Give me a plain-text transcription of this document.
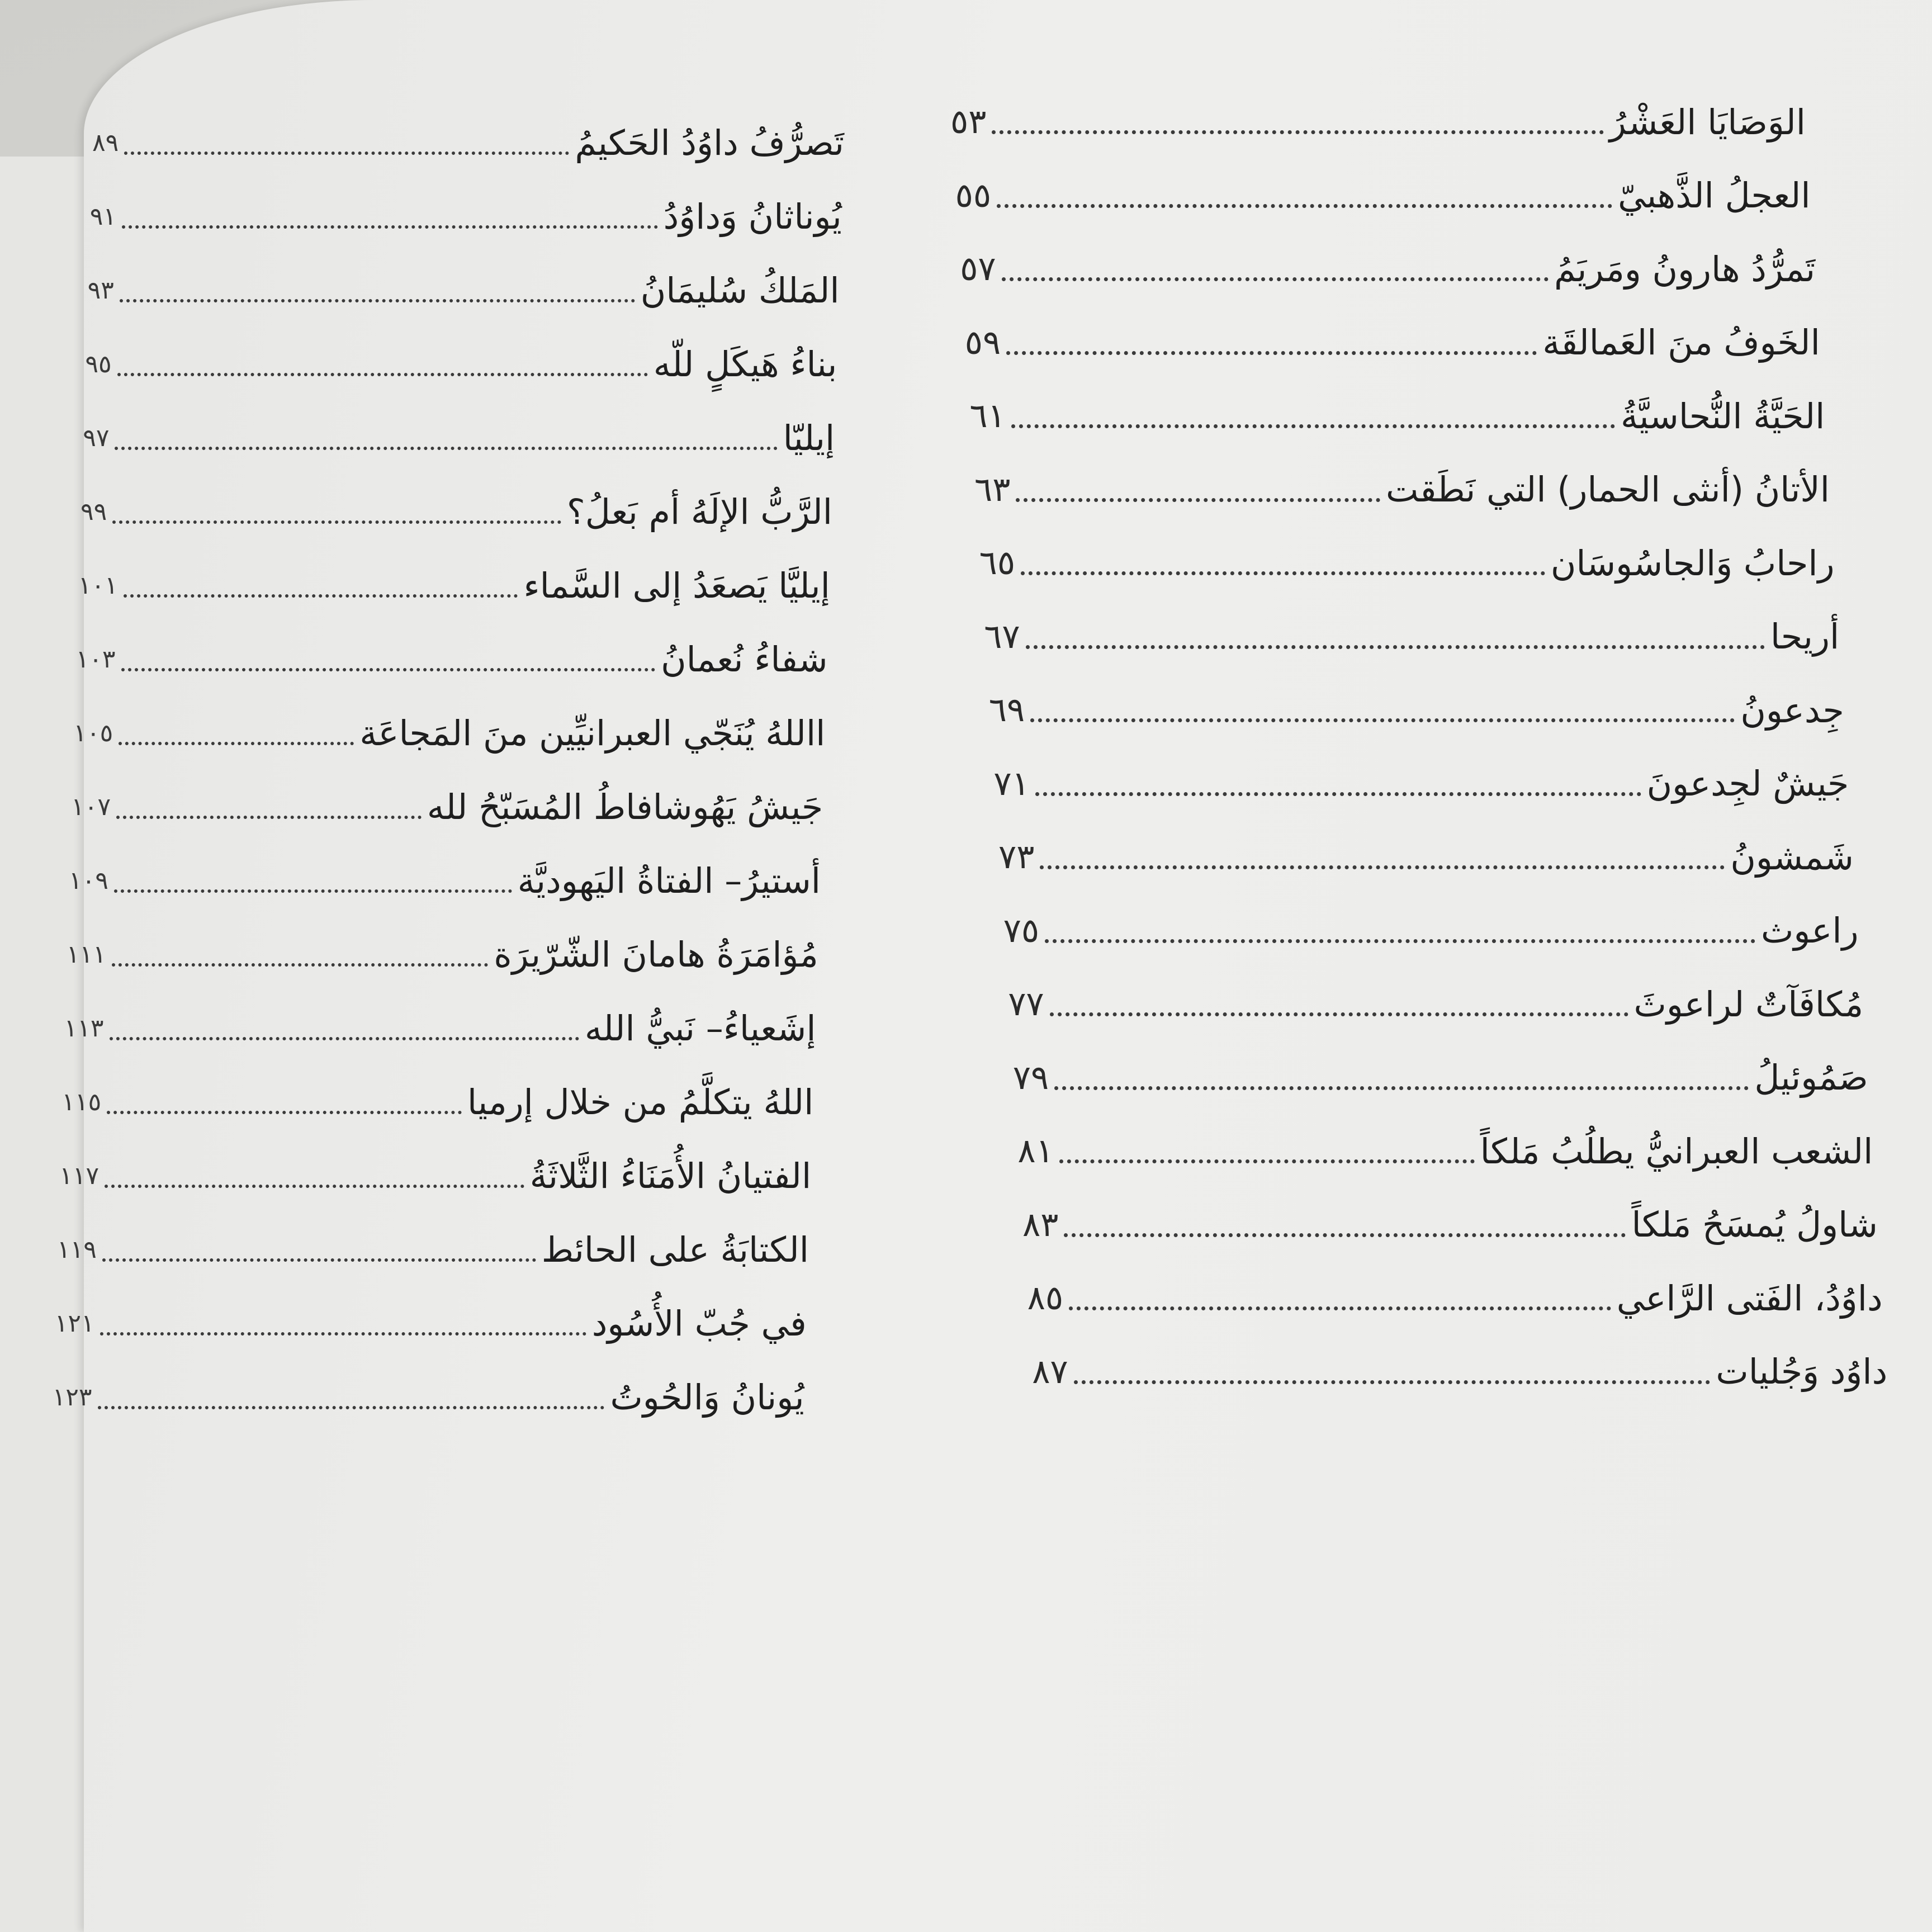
٥٣	الوَصَايَا العَشْرُ
٥٥	العجلُ الذَّهبيّ
٥٧	تَمرُّدُ هارونُ ومَريَمُ
٥٩	الخَوفُ منَ العَمالقَة
٦١	الحَيَّةُ النُّحاسيَّةُ
٦٣	الأتانُ (أنثى الحمار) التي نَطَقت
٦٥	راحابُ وَالجاسُوسَان
٦٧	أريحا
٦٩	جِدعونُ
٧١	جَيشٌ لجِدعونَ
٧٣	شَمشونُ
٧٥	راعوث
٧٧	مُكافَآتٌ لراعوثَ
٧٩	صَمُوئيلُ
٨١	الشعب العبرانيُّ يطلُبُ مَلكاً
٨٣	شاولُ يُمسَحُ مَلكاً
٨٥	داوُدُ، الفَتى الرَّاعي
٨٧	داوُد وَجُليات
٨٩	تَصرُّفُ داوُدُ الحَكيمُ
٩١	يُوناثانُ وَداوُدُ
٩٣	المَلكُ سُليمَانُ
٩٥	بناءُ هَيكَلٍ للّه
٩٧	إيليّا
٩٩	الرَّبُّ الإلَهُ أم بَعلُ؟
١٠١	إيليَّا يَصعَدُ إلى السَّماء
١٠٣	شفاءُ نُعمانُ
١٠٥	االلهُ يُنَجّي العبرانيِّين منَ المَجاعَة
١٠٧	جَيشُ يَهُوشافاطُ المُسَبّحُ لله
١٠٩	أستيرُ– الفتاةُ اليَهوديَّة
١١١	مُؤامَرَةُ هامانَ الشّرّيرَة
١١٣	إشَعياءُ– نَبيُّ الله
١١٥	اللهُ يتكلَّمُ من خلال إرميا
١١٧	الفتيانُ الأُمَنَاءُ الثَّلاثَةُ
١١٩	الكتابَةُ على الحائط
١٢١	في جُبّ الأُسُود
١٢٣	يُونانُ وَالحُوتُ
